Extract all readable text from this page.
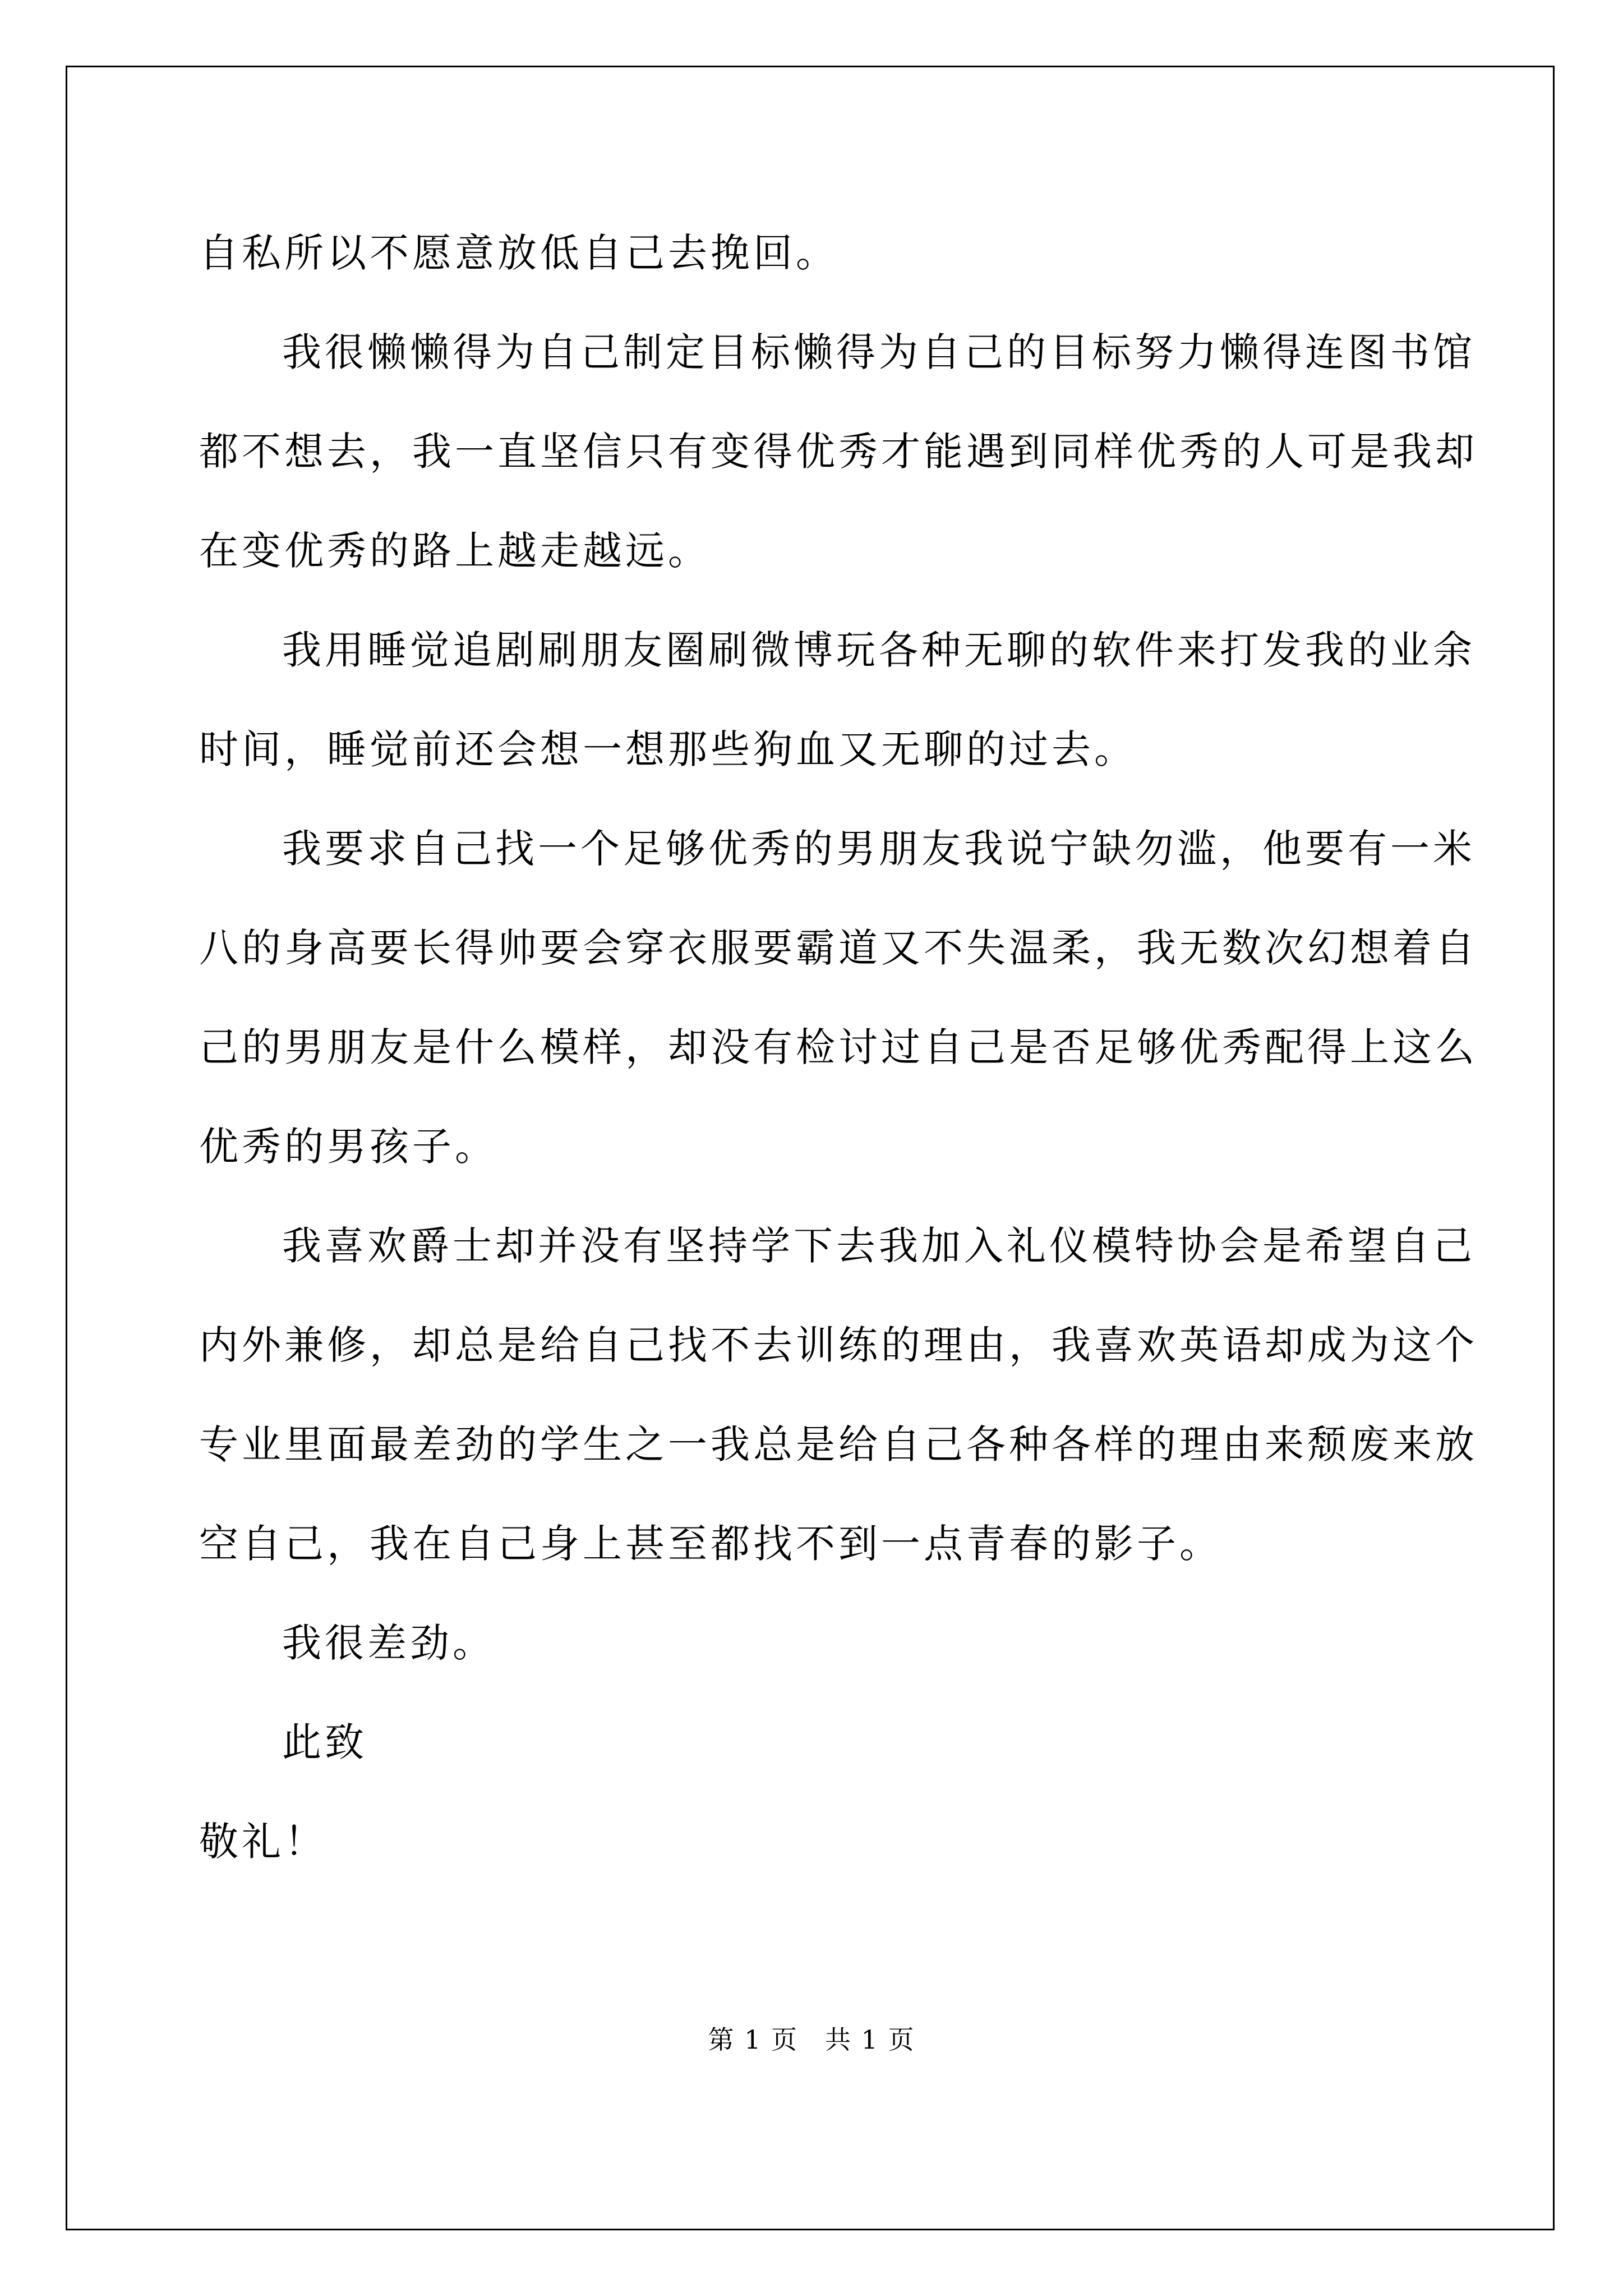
自私所以不愿意放低自己去挽回。
我很懒懒得为自己制定目标懒得为自己的目标努力懒得连图书馆
都不想去，我一直坚信只有变得优秀才能遇到同样优秀的人可是我却
在变优秀的路上越走越远。
我用睡觉追剧刷朋友圈刷微博玩各种无聊的软件来打发我的业余
时间，睡觉前还会想一想那些狗血又无聊的过去。
我要求自己找一个足够优秀的男朋友我说宁缺勿滥，他要有一米
八的身高要长得帅要会穿衣服要霸道又不失温柔，我无数次幻想着自
己的男朋友是什么模样，却没有检讨过自己是否足够优秀配得上这么
优秀的男孩子。
我喜欢爵士却并没有坚持学下去我加入礼仪模特协会是希望自己
内外兼修，却总是给自己找不去训练的理由，我喜欢英语却成为这个
专业里面最差劲的学生之一我总是给自己各种各样的理由来颓废来放
空自己，我在自己身上甚至都找不到一点青春的影子。
我很差劲。
此致
敬礼！
第 1 页 共 1 页
